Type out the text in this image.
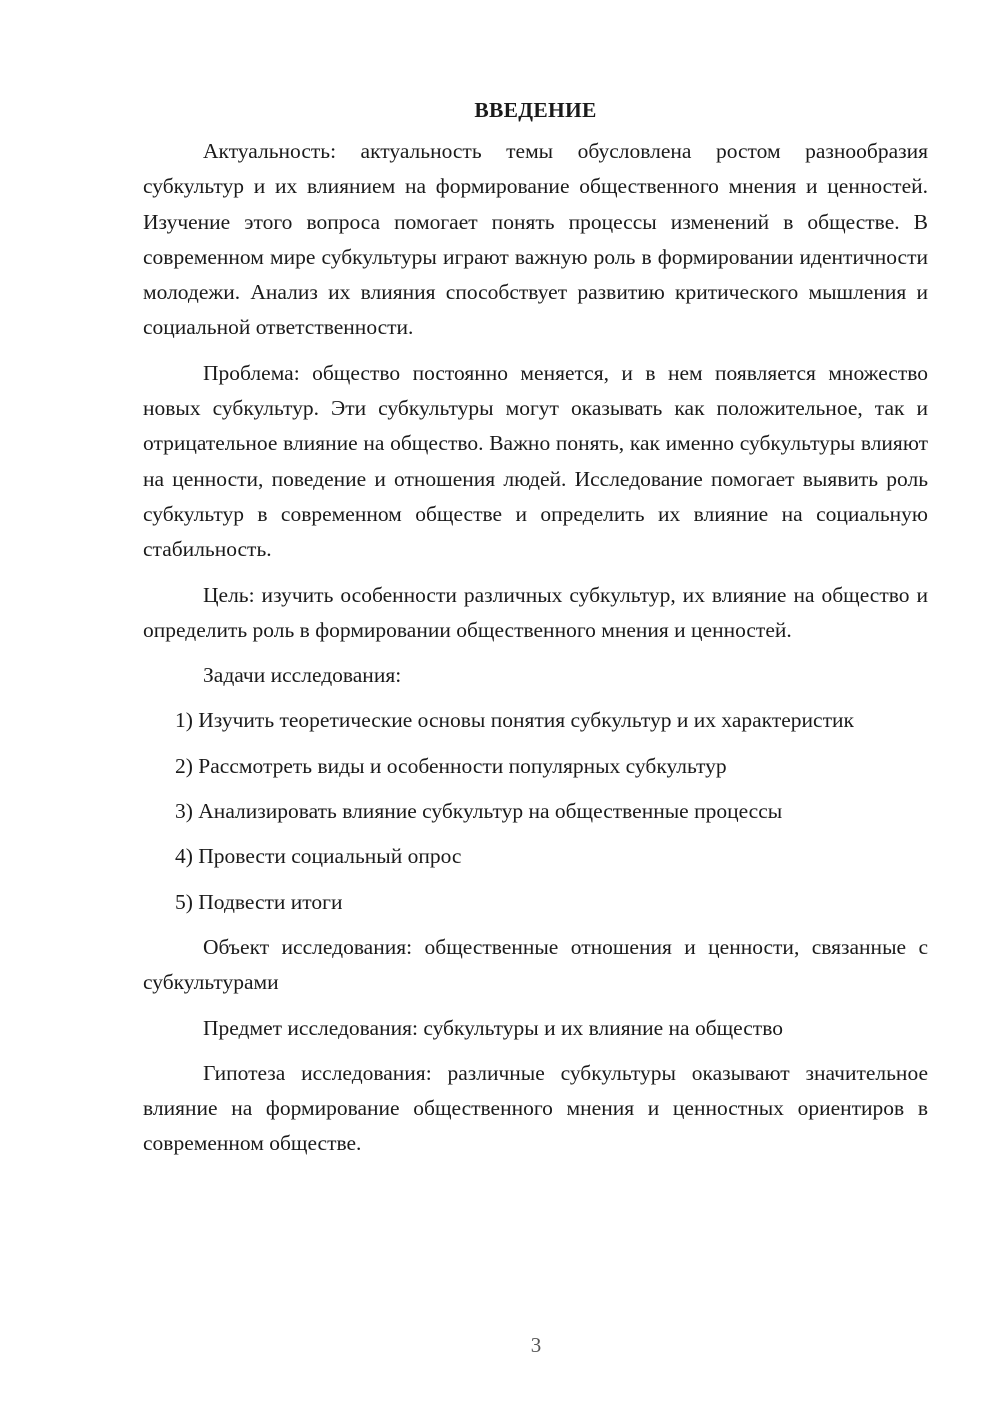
ВВЕДЕНИЕ

Актуальность: актуальность темы обусловлена ростом разнообразия субкультур и их влиянием на формирование общественного мнения и ценностей. Изучение этого вопроса помогает понять процессы изменений в обществе. В современном мире субкультуры играют важную роль в формировании идентичности молодежи. Анализ их влияния способствует развитию критического мышления и социальной ответственности.

Проблема: общество постоянно меняется, и в нем появляется множество новых субкультур. Эти субкультуры могут оказывать как положительное, так и отрицательное влияние на общество. Важно понять, как именно субкультуры влияют на ценности, поведение и отношения людей. Исследование помогает выявить роль субкультур в современном обществе и определить их влияние на социальную стабильность.

Цель: изучить особенности различных субкультур, их влияние на общество и определить роль в формировании общественного мнения и ценностей.

Задачи исследования:

1) Изучить теоретические основы понятия субкультур и их характеристик

2) Рассмотреть виды и особенности популярных субкультур

3) Анализировать влияние субкультур на общественные процессы

4) Провести социальный опрос

5) Подвести итоги

Объект исследования: общественные отношения и ценности, связанные с субкультурами

Предмет исследования: субкультуры и их влияние на общество

Гипотеза исследования: различные субкультуры оказывают значительное влияние на формирование общественного мнения и ценностных ориентиров в современном обществе.

3
